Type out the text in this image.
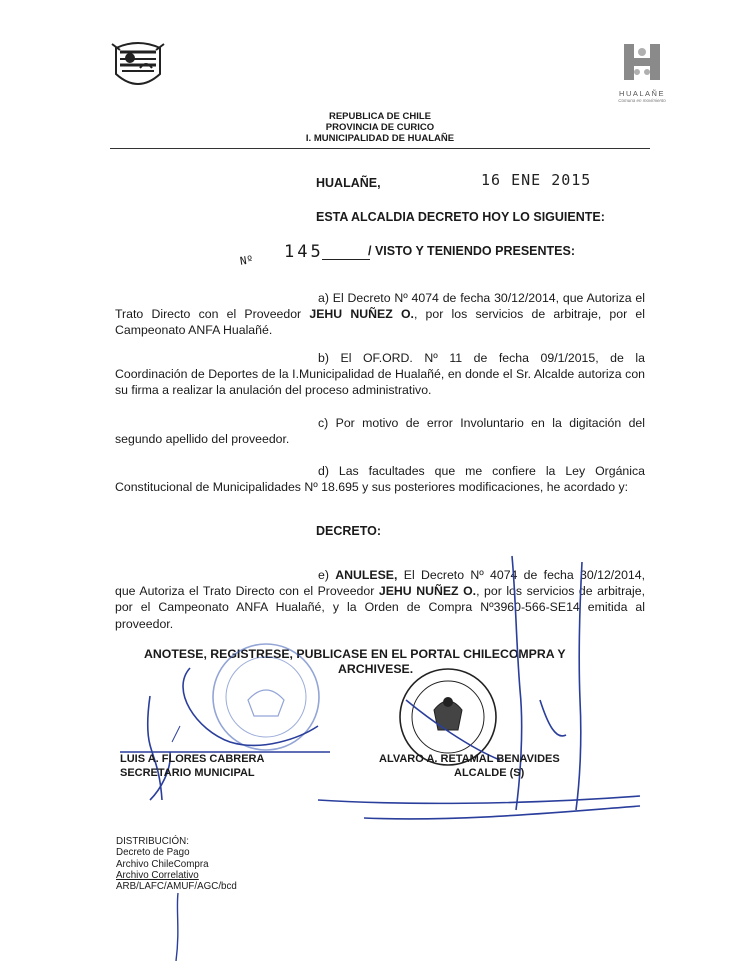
HUALAÑE
Comuna en movimiento
REPUBLICA DE CHILE
PROVINCIA DE CURICO
I. MUNICIPALIDAD DE HUALAÑE
HUALAÑE,	16 ENE 2015
ESTA ALCALDIA DECRETO HOY LO SIGUIENTE:
Nº 145	/ VISTO Y TENIENDO PRESENTES:
a) El Decreto Nº 4074 de fecha 30/12/2014, que Autoriza el Trato Directo con el Proveedor JEHU NUÑEZ O., por los servicios de arbitraje, por el Campeonato ANFA Hualañé.
b) El OF.ORD. Nº 11 de fecha 09/1/2015, de la Coordinación de Deportes de la I.Municipalidad de Hualañé, en donde el Sr. Alcalde autoriza con su firma a realizar la anulación del proceso administrativo.
c) Por motivo de error Involuntario en la digitación del segundo apellido del proveedor.
d) Las facultades que me confiere la Ley Orgánica Constitucional de Municipalidades Nº 18.695 y sus posteriores modificaciones, he acordado y:
DECRETO:
e) ANULESE, El Decreto Nº 4074 de fecha 30/12/2014, que Autoriza el Trato Directo con el Proveedor JEHU NUÑEZ O., por los servicios de arbitraje, por el Campeonato ANFA Hualañé, y la Orden de Compra Nº3960-566-SE14 emitida al proveedor.
ANOTESE, REGISTRESE, PUBLICASE EN EL PORTAL CHILECOMPRA Y
ARCHIVESE.
LUIS A. FLORES CABRERA
SECRETARIO MUNICIPAL
ALVARO A. RETAMAL BENAVIDES
ALCALDE (S)
DISTRIBUCIÓN:
Decreto de Pago
Archivo ChileCompra
Archivo Correlativo
ARB/LAFC/AMUF/AGC/bcd
